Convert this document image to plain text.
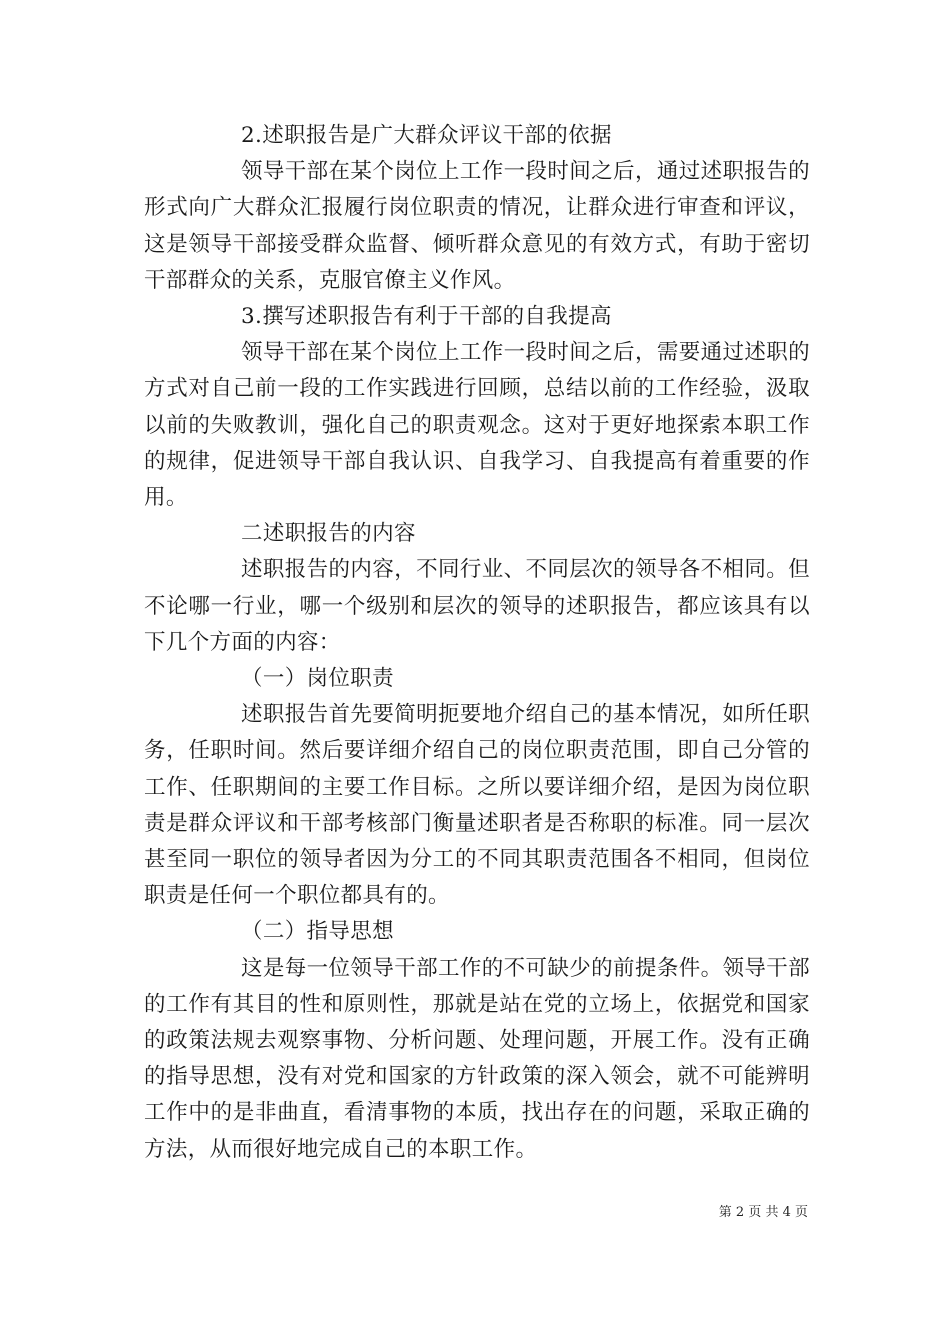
2.述职报告是广大群众评议干部的依据

领导干部在某个岗位上工作一段时间之后，通过述职报告的形式向广大群众汇报履行岗位职责的情况，让群众进行审查和评议，这是领导干部接受群众监督、倾听群众意见的有效方式，有助于密切干部群众的关系，克服官僚主义作风。

3.撰写述职报告有利于干部的自我提高

领导干部在某个岗位上工作一段时间之后，需要通过述职的方式对自己前一段的工作实践进行回顾，总结以前的工作经验，汲取以前的失败教训，强化自己的职责观念。这对于更好地探索本职工作的规律，促进领导干部自我认识、自我学习、自我提高有着重要的作用。

二述职报告的内容

述职报告的内容，不同行业、不同层次的领导各不相同。但不论哪一行业，哪一个级别和层次的领导的述职报告，都应该具有以下几个方面的内容：

（一）岗位职责

述职报告首先要简明扼要地介绍自己的基本情况，如所任职务，任职时间。然后要详细介绍自己的岗位职责范围，即自己分管的工作、任职期间的主要工作目标。之所以要详细介绍，是因为岗位职责是群众评议和干部考核部门衡量述职者是否称职的标准。同一层次甚至同一职位的领导者因为分工的不同其职责范围各不相同，但岗位职责是任何一个职位都具有的。

（二）指导思想

这是每一位领导干部工作的不可缺少的前提条件。领导干部的工作有其目的性和原则性，那就是站在党的立场上，依据党和国家的政策法规去观察事物、分析问题、处理问题，开展工作。没有正确的指导思想，没有对党和国家的方针政策的深入领会，就不可能辨明工作中的是非曲直，看清事物的本质，找出存在的问题，采取正确的方法，从而很好地完成自己的本职工作。

第 2 页 共 4 页
